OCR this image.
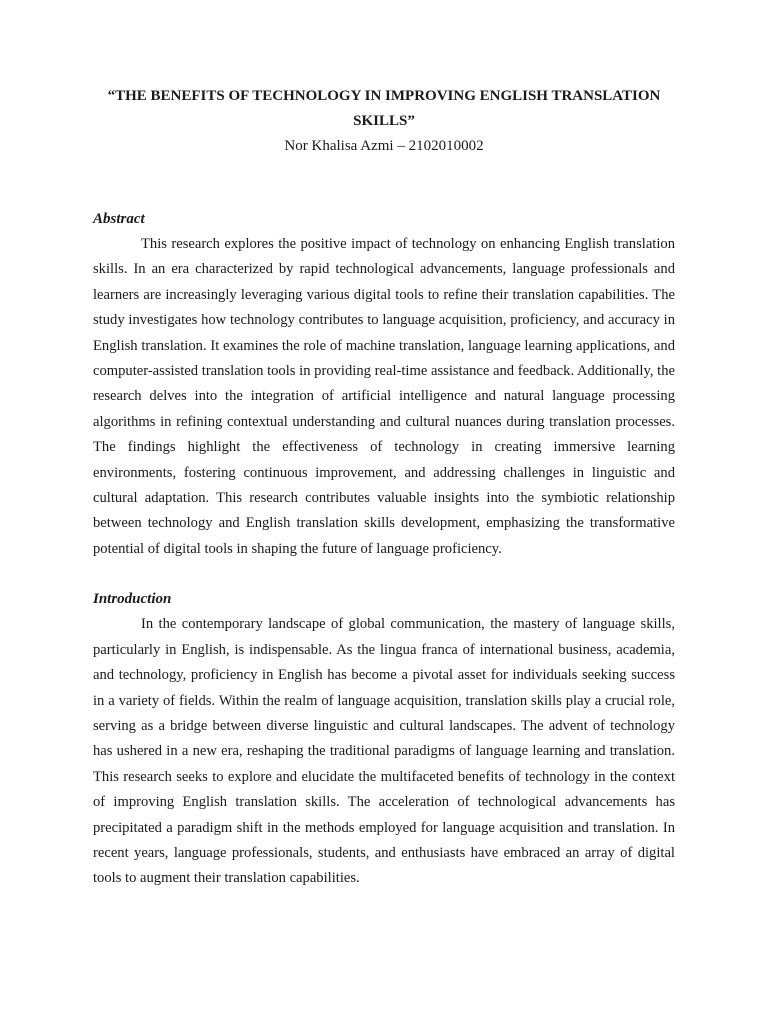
“THE BENEFITS OF TECHNOLOGY IN IMPROVING ENGLISH TRANSLATION SKILLS”

Nor Khalisa Azmi – 2102010002

Abstract

This research explores the positive impact of technology on enhancing English translation skills. In an era characterized by rapid technological advancements, language professionals and learners are increasingly leveraging various digital tools to refine their translation capabilities. The study investigates how technology contributes to language acquisition, proficiency, and accuracy in English translation. It examines the role of machine translation, language learning applications, and computer-assisted translation tools in providing real-time assistance and feedback. Additionally, the research delves into the integration of artificial intelligence and natural language processing algorithms in refining contextual understanding and cultural nuances during translation processes. The findings highlight the effectiveness of technology in creating immersive learning environments, fostering continuous improvement, and addressing challenges in linguistic and cultural adaptation. This research contributes valuable insights into the symbiotic relationship between technology and English translation skills development, emphasizing the transformative potential of digital tools in shaping the future of language proficiency.

Introduction

In the contemporary landscape of global communication, the mastery of language skills, particularly in English, is indispensable. As the lingua franca of international business, academia, and technology, proficiency in English has become a pivotal asset for individuals seeking success in a variety of fields. Within the realm of language acquisition, translation skills play a crucial role, serving as a bridge between diverse linguistic and cultural landscapes. The advent of technology has ushered in a new era, reshaping the traditional paradigms of language learning and translation. This research seeks to explore and elucidate the multifaceted benefits of technology in the context of improving English translation skills. The acceleration of technological advancements has precipitated a paradigm shift in the methods employed for language acquisition and translation. In recent years, language professionals, students, and enthusiasts have embraced an array of digital tools to augment their translation capabilities.
